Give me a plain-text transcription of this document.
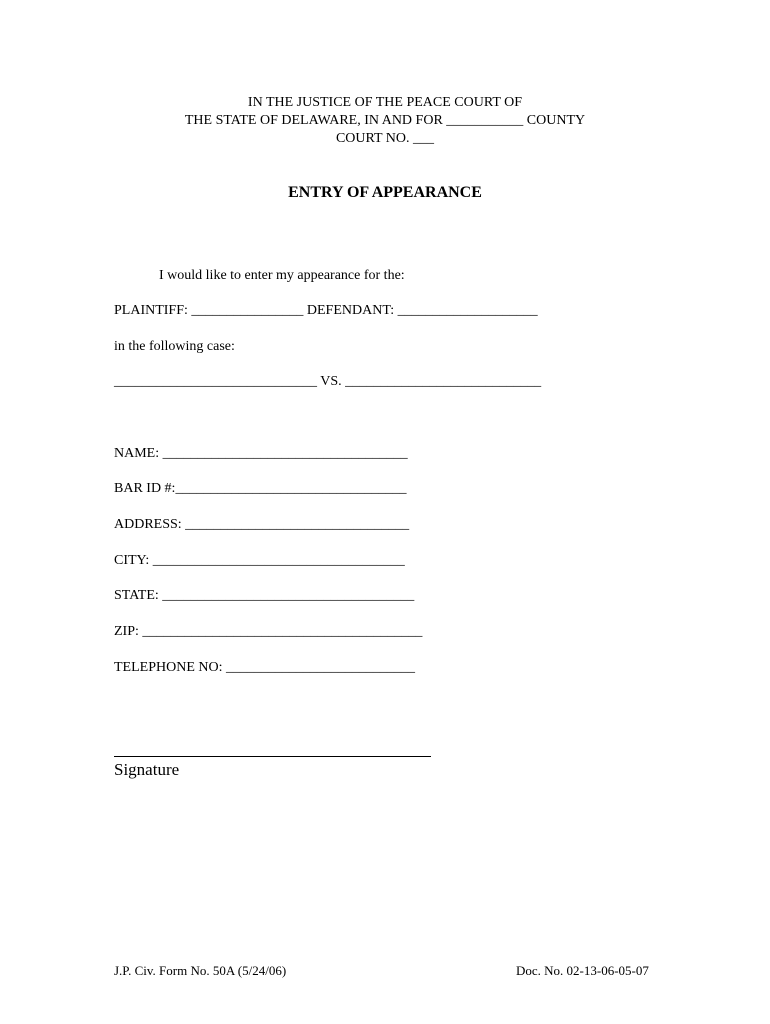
IN THE JUSTICE OF THE PEACE COURT OF
THE STATE OF DELAWARE, IN AND FOR ___________ COUNTY
COURT NO. ___
ENTRY OF APPEARANCE
I would like to enter my appearance for the:
PLAINTIFF: ________________ DEFENDANT: ____________________
in the following case:
_____________________________ VS. ____________________________
NAME: ___________________________________
BAR ID #:_________________________________
ADDRESS: ________________________________
CITY: ____________________________________
STATE: ____________________________________
ZIP: ________________________________________
TELEPHONE NO: ___________________________
Signature
J.P. Civ. Form No. 50A (5/24/06)	Doc. No. 02-13-06-05-07
